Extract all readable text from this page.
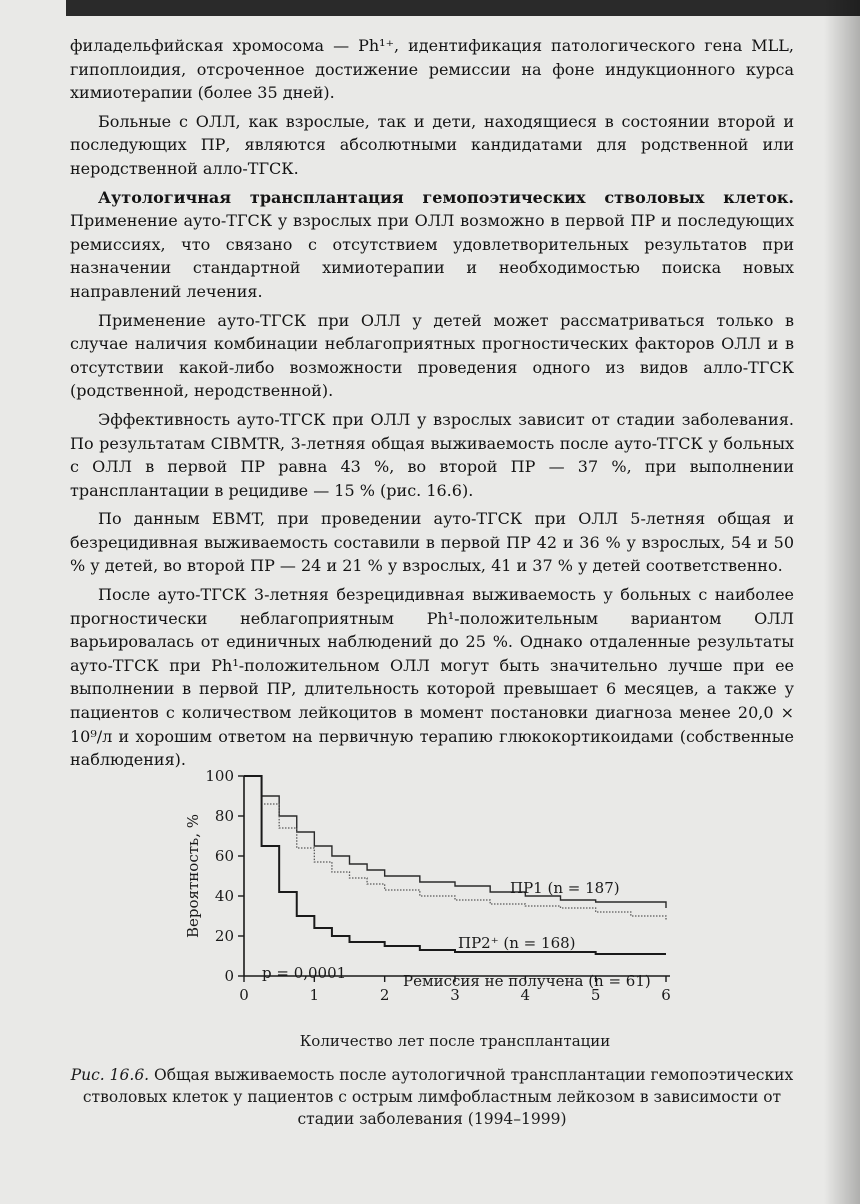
филадельфийская хромосома — Ph¹⁺, идентификация патологического гена MLL, гипоплоидия, отсроченное достижение ремиссии на фоне индукционного курса химиотерапии (более 35 дней).

Больные с ОЛЛ, как взрослые, так и дети, находящиеся в состоянии второй и последующих ПР, являются абсолютными кандидатами для родственной или неродственной алло-ТГСК.

Аутологичная трансплантация гемопоэтических стволовых клеток. Применение ауто-ТГСК у взрослых при ОЛЛ возможно в первой ПР и последующих ремиссиях, что связано с отсутствием удовлетворительных результатов при назначении стандартной химиотерапии и необходимостью поиска новых направлений лечения.

Применение ауто-ТГСК при ОЛЛ у детей может рассматриваться только в случае наличия комбинации неблагоприятных прогностических факторов ОЛЛ и в отсутствии какой-либо возможности проведения одного из видов алло-ТГСК (родственной, неродственной).

Эффективность ауто-ТГСК при ОЛЛ у взрослых зависит от стадии заболевания. По результатам CIBMTR, 3-летняя общая выживаемость после ауто-ТГСК у больных с ОЛЛ в первой ПР равна 43 %, во второй ПР — 37 %, при выполнении трансплантации в рецидиве — 15 % (рис. 16.6).

По данным EBMT, при проведении ауто-ТГСК при ОЛЛ 5-летняя общая и безрецидивная выживаемость составили в первой ПР 42 и 36 % у взрослых, 54 и 50 % у детей, во второй ПР — 24 и 21 % у взрослых, 41 и 37 % у детей соответственно.

После ауто-ТГСК 3-летняя безрецидивная выживаемость у больных с наиболее прогностически неблагоприятным Ph¹-положительным вариантом ОЛЛ варьировалась от единичных наблюдений до 25 %. Однако отдаленные результаты ауто-ТГСК при Ph¹-положительном ОЛЛ могут быть значительно лучше при ее выполнении в первой ПР, длительность которой превышает 6 месяцев, а также у пациентов с количеством лейкоцитов в момент постановки диагноза менее 20,0 × 10⁹/л и хорошим ответом на первичную терапию глюкокортикоидами (собственные наблюдения).

0
20
40
60
80
100
0	1	2	3	4	5	6
Количество лет после трансплантации
Вероятность, %	ПР1 (n = 187)
ПР2⁺ (n = 168)
Ремиссия не получена (n = 61)
p = 0,0001
Рис. 16.6. Общая выживаемость после аутологичной трансплантации гемопоэтических стволовых клеток у пациентов с острым лимфобластным лейкозом в зависимости от стадии заболевания (1994–1999)
